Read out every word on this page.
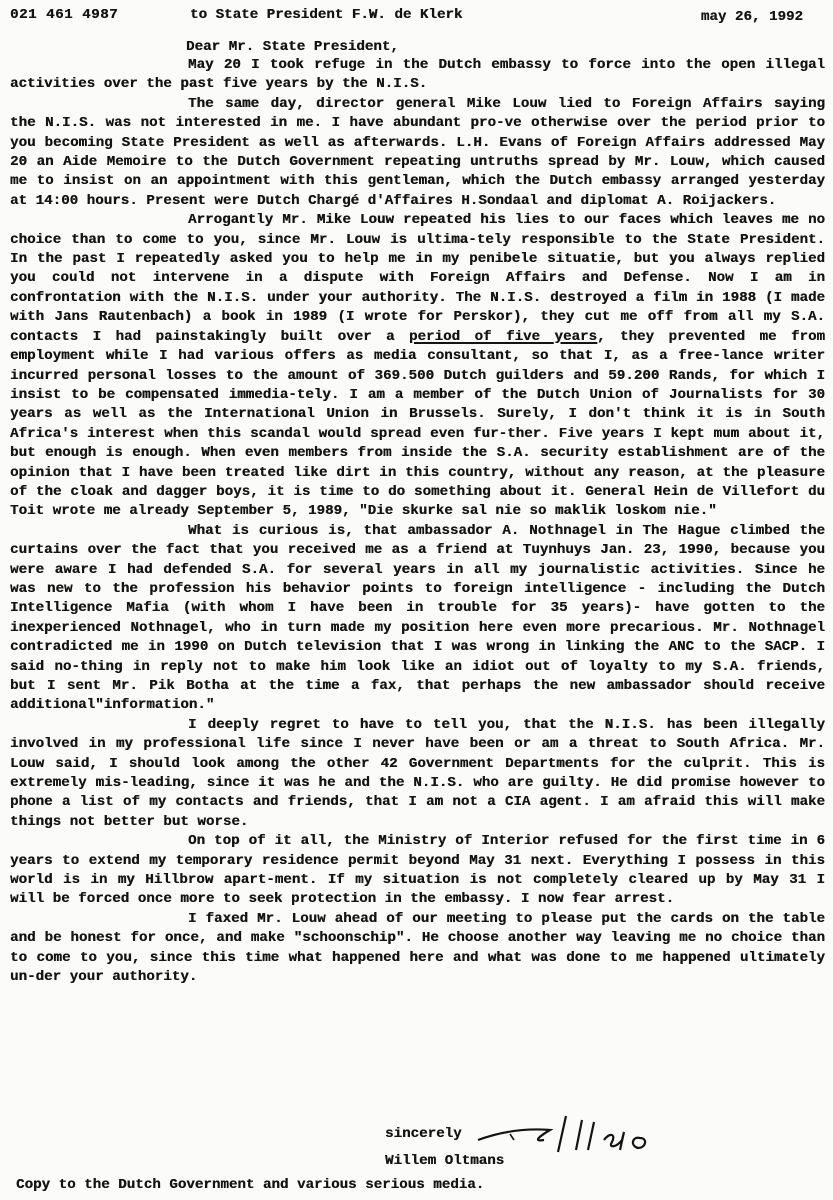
021 461 4987	to State President F.W. de Klerk	may 26, 1992
Dear Mr. State President,

May 20 I took refuge in the Dutch embassy to force into the open illegal activities over the past five years by the N.I.S.

The same day, director general Mike Louw lied to Foreign Affairs saying the N.I.S. was not interested in me. I have abundant pro-ve otherwise over the period prior to you becoming State President as well as afterwards. L.H. Evans of Foreign Affairs addressed May 20 an Aide Memoire to the Dutch Government repeating untruths spread by Mr. Louw, which caused me to insist on an appointment with this gentleman, which the Dutch embassy arranged yesterday at 14:00 hours. Present were Dutch Chargé d'Affaires H.Sondaal and diplomat A. Roijackers.

Arrogantly Mr. Mike Louw repeated his lies to our faces which leaves me no choice than to come to you, since Mr. Louw is ultima-tely responsible to the State President. In the past I repeatedly asked you to help me in my penibele situatie, but you always replied you could not intervene in a dispute with Foreign Affairs and Defense. Now I am in confrontation with the N.I.S. under your authority. The N.I.S. destroyed a film in 1988 (I made with Jans Rautenbach) a book in 1989 (I wrote for Perskor), they cut me off from all my S.A. contacts I had painstakingly built over a period of five years, they prevented me from employment while I had various offers as media consultant, so that I, as a free-lance writer incurred personal losses to the amount of 369.500 Dutch guilders and 59.200 Rands, for which I insist to be compensated immedia-tely. I am a member of the Dutch Union of Journalists for 30 years as well as the International Union in Brussels. Surely, I don't think it is in South Africa's interest when this scandal would spread even fur-ther. Five years I kept mum about it, but enough is enough. When even members from inside the S.A. security establishment are of the opinion that I have been treated like dirt in this country, without any reason, at the pleasure of the cloak and dagger boys, it is time to do something about it. General Hein de Villefort du Toit wrote me already September 5, 1989, "Die skurke sal nie so maklik loskom nie."

What is curious is, that ambassador A. Nothnagel in The Hague climbed the curtains over the fact that you received me as a friend at Tuynhuys Jan. 23, 1990, because you were aware I had defended S.A. for several years in all my journalistic activities. Since he was new to the profession his behavior points to foreign intelligence - including the Dutch Intelligence Mafia (with whom I have been in trouble for 35 years)- have gotten to the inexperienced Nothnagel, who in turn made my position here even more precarious. Mr. Nothnagel contradicted me in 1990 on Dutch television that I was wrong in linking the ANC to the SACP. I said no-thing in reply not to make him look like an idiot out of loyalty to my S.A. friends, but I sent Mr. Pik Botha at the time a fax, that perhaps the new ambassador should receive additional"information."

I deeply regret to have to tell you, that the N.I.S. has been illegally involved in my professional life since I never have been or am a threat to South Africa. Mr. Louw said, I should look among the other 42 Government Departments for the culprit. This is extremely mis-leading, since it was he and the N.I.S. who are guilty. He did promise however to phone a list of my contacts and friends, that I am not a CIA agent. I am afraid this will make things not better but worse.

On top of it all, the Ministry of Interior refused for the first time in 6 years to extend my temporary residence permit beyond May 31 next. Everything I possess in this world is in my Hillbrow apart-ment. If my situation is not completely cleared up by May 31 I will be forced once more to seek protection in the embassy. I now fear arrest.

I faxed Mr. Louw ahead of our meeting to please put the cards on the table and be honest for once, and make "schoonschip". He choose another way leaving me no choice than to come to you, since this time what happened here and what was done to me happened ultimately un-der your authority.

sincerely
Willem Oltmans
Copy to the Dutch Government and various serious media.
